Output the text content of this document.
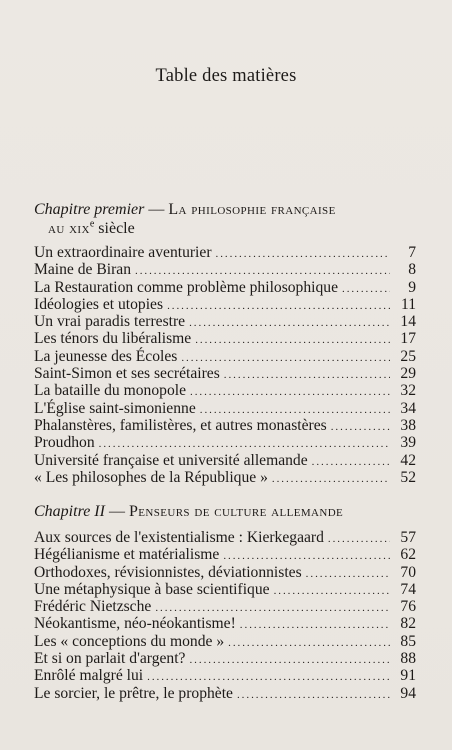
Table des matières
Chapitre premier — La philosophie française
au xix$^e$ siècle
Un extraordinaire aventurier . . .	7
Maine de Biran . . .	8
La Restauration comme problème philosophique . . .	9
Idéologies et utopies . . .	11
Un vrai paradis terrestre . . .	14
Les ténors du libéralisme . . .	17
La jeunesse des Écoles . . .	25
Saint-Simon et ses secrétaires . . .	29
La bataille du monopole . . .	32
L'Église saint-simonienne . . .	34
Phalanstères, familistères, et autres monastères . . .	38
Proudhon . . .	39
Université française et université allemande . . .	42
« Les philosophes de la République » . . .	52
Chapitre II — Penseurs de culture allemande
Aux sources de l'existentialisme : Kierkegaard . . .	57
Hégélianisme et matérialisme . . .	62
Orthodoxes, révisionnistes, déviationnistes . . .	70
Une métaphysique à base scientifique . . .	74
Frédéric Nietzsche . . .	76
Néokantisme, néo-néokantisme! . . .	82
Les « conceptions du monde » . . .	85
Et si on parlait d'argent? . . .	88
Enrôlé malgré lui . . .	91
Le sorcier, le prêtre, le prophète . . .	94
